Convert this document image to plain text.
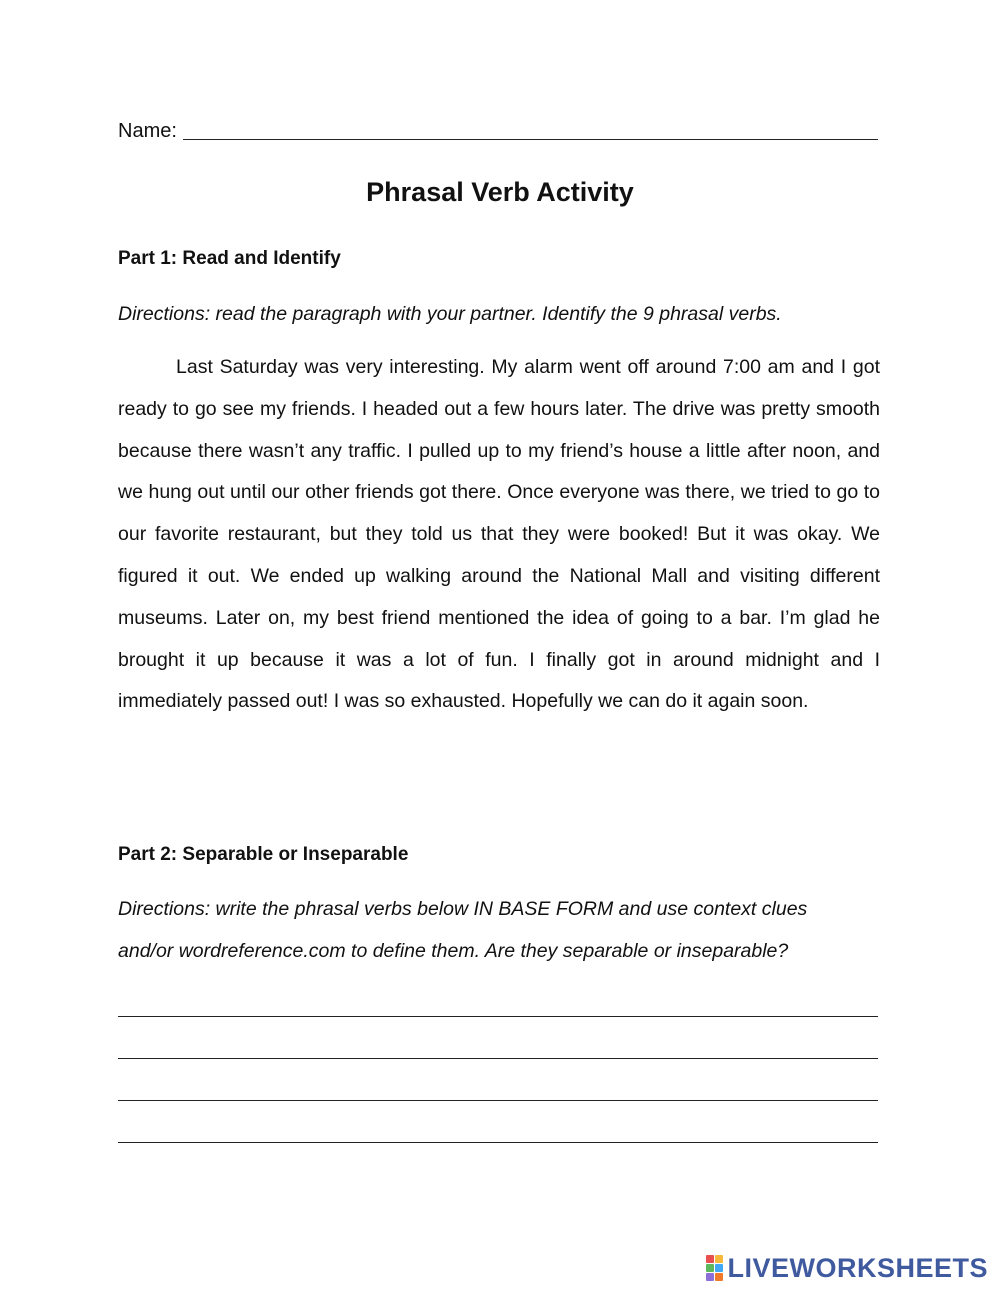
Name:
Phrasal Verb Activity
Part 1: Read and Identify
Directions: read the paragraph with your partner. Identify the 9 phrasal verbs.

Last Saturday was very interesting. My alarm went off around 7:00 am and I got ready to go see my friends. I headed out a few hours later. The drive was pretty smooth because there wasn’t any traffic. I pulled up to my friend’s house a little after noon, and we hung out until our other friends got there. Once everyone was there, we tried to go to our favorite restaurant, but they told us that they were booked! But it was okay. We figured it out. We ended up walking around the National Mall and visiting different museums. Later on, my best friend mentioned the idea of going to a bar. I’m glad he brought it up because it was a lot of fun. I finally got in around midnight and I immediately passed out! I was so exhausted. Hopefully we can do it again soon.

Part 2: Separable or Inseparable
Directions: write the phrasal verbs below IN BASE FORM and use context clues
and/or wordreference.com to define them. Are they separable or inseparable?
LIVEWORKSHEETS
